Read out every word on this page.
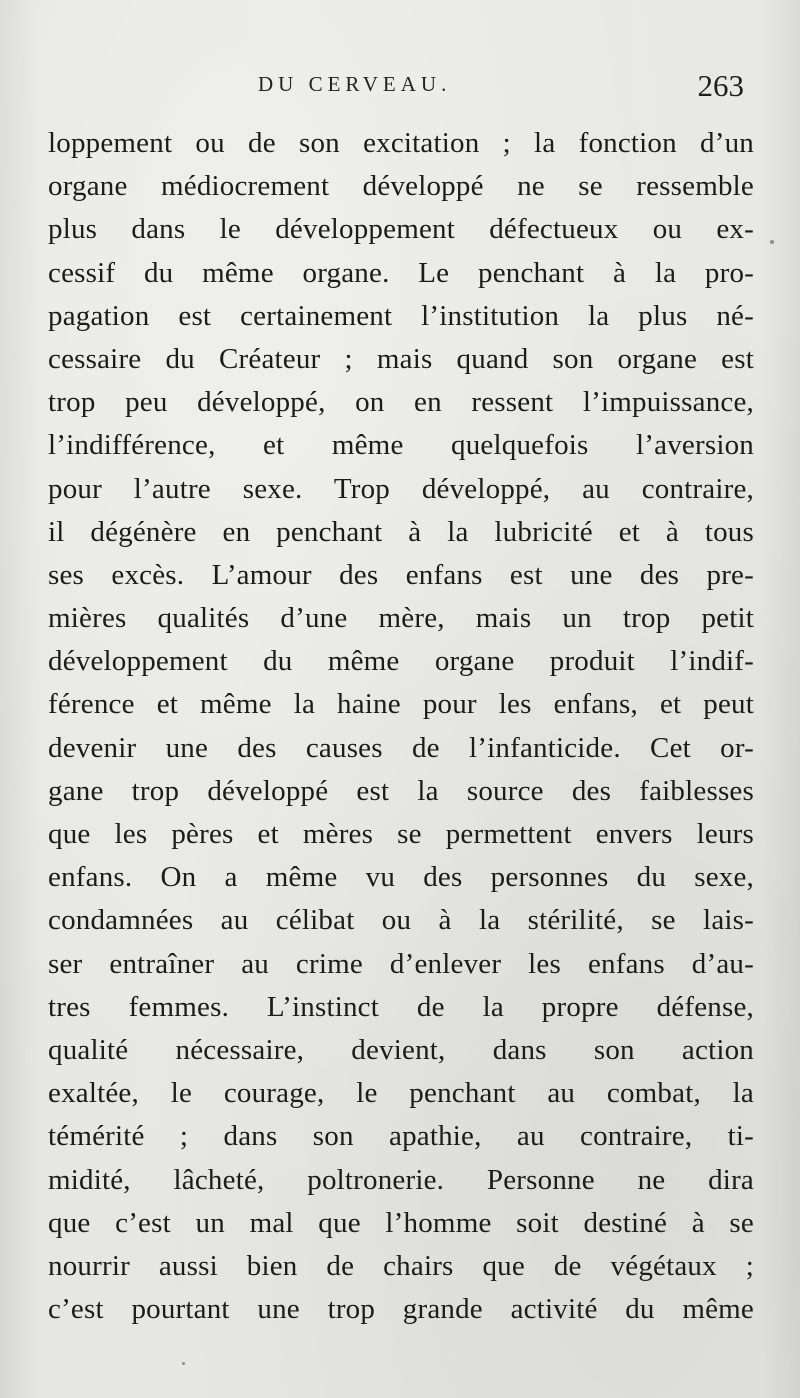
DU CERVEAU.	263
loppement ou de son excitation ; la fonction d’un
organe médiocrement développé ne se ressemble
plus dans le développement défectueux ou ex-
cessif du même organe. Le penchant à la pro-
pagation est certainement l’institution la plus né-
cessaire du Créateur ; mais quand son organe est
trop peu développé, on en ressent l’impuissance,
l’indifférence, et même quelquefois l’aversion
pour l’autre sexe. Trop développé, au contraire,
il dégénère en penchant à la lubricité et à tous
ses excès. L’amour des enfans est une des pre-
mières qualités d’une mère, mais un trop petit
développement du même organe produit l’indif-
férence et même la haine pour les enfans, et peut
devenir une des causes de l’infanticide. Cet or-
gane trop développé est la source des faiblesses
que les pères et mères se permettent envers leurs
enfans. On a même vu des personnes du sexe,
condamnées au célibat ou à la stérilité, se lais-
ser entraîner au crime d’enlever les enfans d’au-
tres femmes. L’instinct de la propre défense,
qualité nécessaire, devient, dans son action
exaltée, le courage, le penchant au combat, la
témérité ; dans son apathie, au contraire, ti-
midité, lâcheté, poltronerie. Personne ne dira
que c’est un mal que l’homme soit destiné à se
nourrir aussi bien de chairs que de végétaux ;
c’est pourtant une trop grande activité du même
